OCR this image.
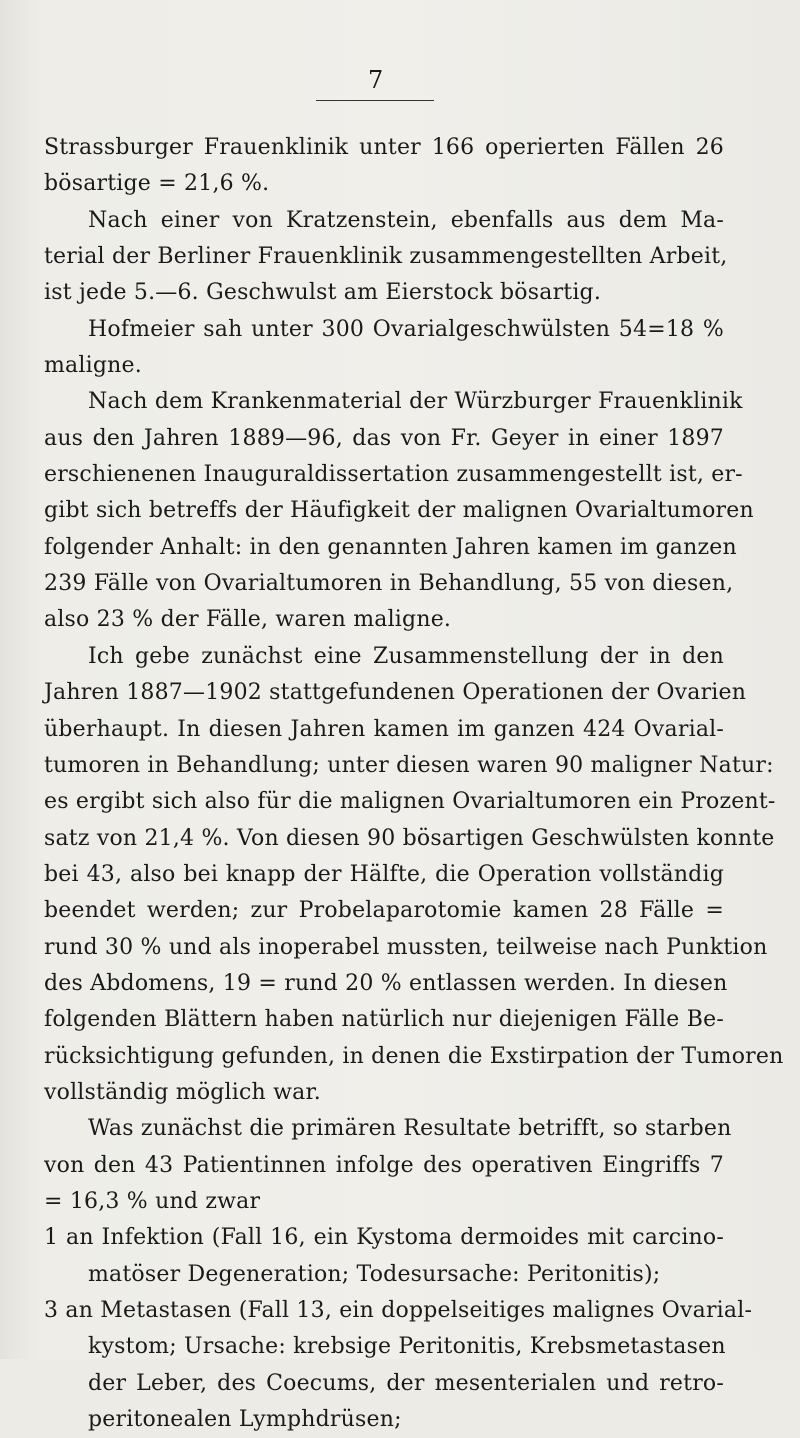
7
Strassburger Frauenklinik unter 166 operierten Fällen 26
bösartige = 21,6 %.
Nach einer von Kratzenstein, ebenfalls aus dem Ma-
terial der Berliner Frauenklinik zusammengestellten Arbeit,
ist jede 5.—6. Geschwulst am Eierstock bösartig.
Hofmeier sah unter 300 Ovarialgeschwülsten 54=18 %
maligne.
Nach dem Krankenmaterial der Würzburger Frauenklinik
aus den Jahren 1889—96, das von Fr. Geyer in einer 1897
erschienenen Inauguraldissertation zusammengestellt ist, er-
gibt sich betreffs der Häufigkeit der malignen Ovarialtumoren
folgender Anhalt: in den genannten Jahren kamen im ganzen
239 Fälle von Ovarialtumoren in Behandlung, 55 von diesen,
also 23 % der Fälle, waren maligne.
Ich gebe zunächst eine Zusammenstellung der in den
Jahren 1887—1902 stattgefundenen Operationen der Ovarien
überhaupt. In diesen Jahren kamen im ganzen 424 Ovarial-
tumoren in Behandlung; unter diesen waren 90 maligner Natur:
es ergibt sich also für die malignen Ovarialtumoren ein Prozent-
satz von 21,4 %. Von diesen 90 bösartigen Geschwülsten konnte
bei 43, also bei knapp der Hälfte, die Operation vollständig
beendet werden; zur Probelaparotomie kamen 28 Fälle =
rund 30 % und als inoperabel mussten, teilweise nach Punktion
des Abdomens, 19 = rund 20 % entlassen werden. In diesen
folgenden Blättern haben natürlich nur diejenigen Fälle Be-
rücksichtigung gefunden, in denen die Exstirpation der Tumoren
vollständig möglich war.
Was zunächst die primären Resultate betrifft, so starben
von den 43 Patientinnen infolge des operativen Eingriffs 7
= 16,3 % und zwar
1 an Infektion (Fall 16, ein Kystoma dermoides mit carcino-
matöser Degeneration; Todesursache: Peritonitis);
3 an Metastasen (Fall 13, ein doppelseitiges malignes Ovarial-
kystom; Ursache: krebsige Peritonitis, Krebsmetastasen
der Leber, des Coecums, der mesenterialen und retro-
peritonealen Lymphdrüsen;
